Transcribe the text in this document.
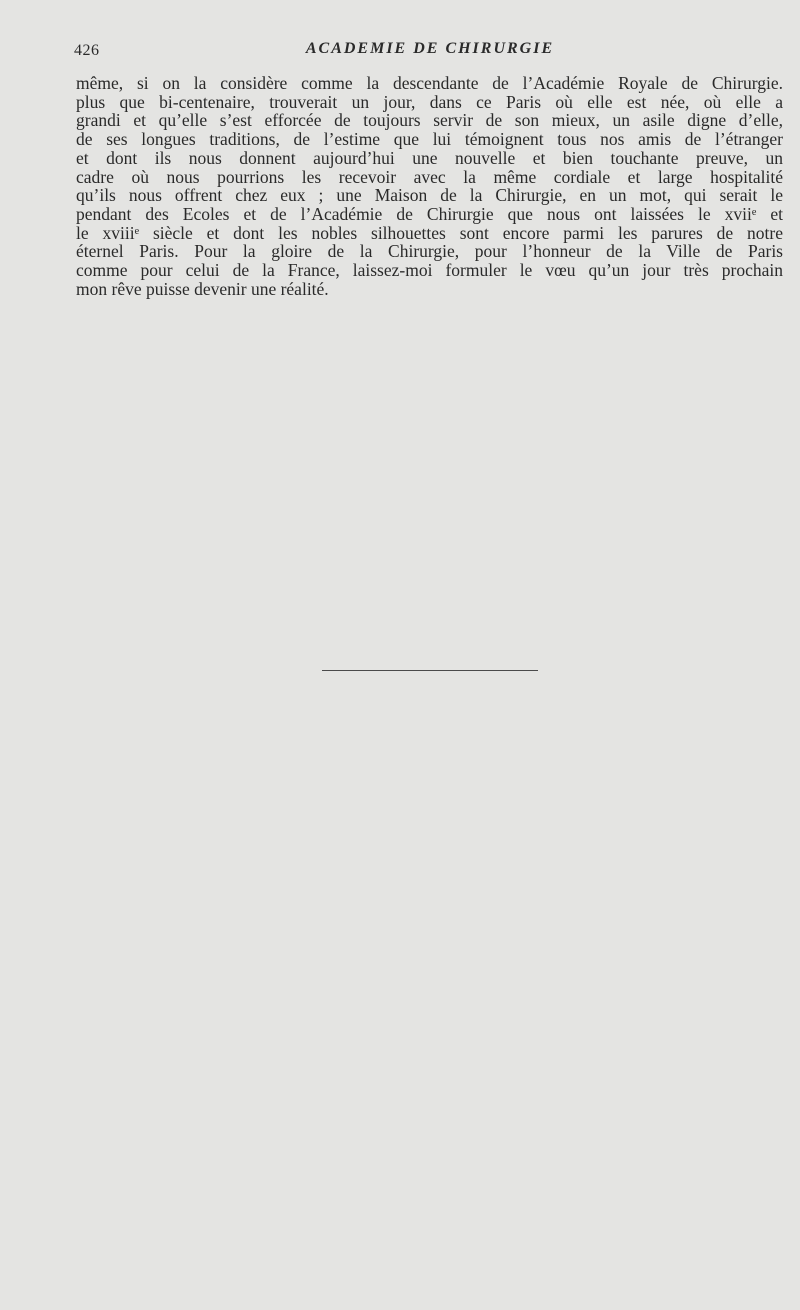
426	ACADEMIE DE CHIRURGIE
même, si on la considère comme la descendante de l’Académie Royale de Chirurgie.
plus que bi-centenaire, trouverait un jour, dans ce Paris où elle est née, où elle a
grandi et qu’elle s’est efforcée de toujours servir de son mieux, un asile digne d’elle,
de ses longues traditions, de l’estime que lui témoignent tous nos amis de l’étranger
et dont ils nous donnent aujourd’hui une nouvelle et bien touchante preuve, un
cadre où nous pourrions les recevoir avec la même cordiale et large hospitalité
qu’ils nous offrent chez eux ; une Maison de la Chirurgie, en un mot, qui serait le
pendant des Ecoles et de l’Académie de Chirurgie que nous ont laissées le xviiᵉ et
le xviiiᵉ siècle et dont les nobles silhouettes sont encore parmi les parures de notre
éternel Paris. Pour la gloire de la Chirurgie, pour l’honneur de la Ville de Paris
comme pour celui de la France, laissez-moi formuler le vœu qu’un jour très prochain
mon rêve puisse devenir une réalité.
